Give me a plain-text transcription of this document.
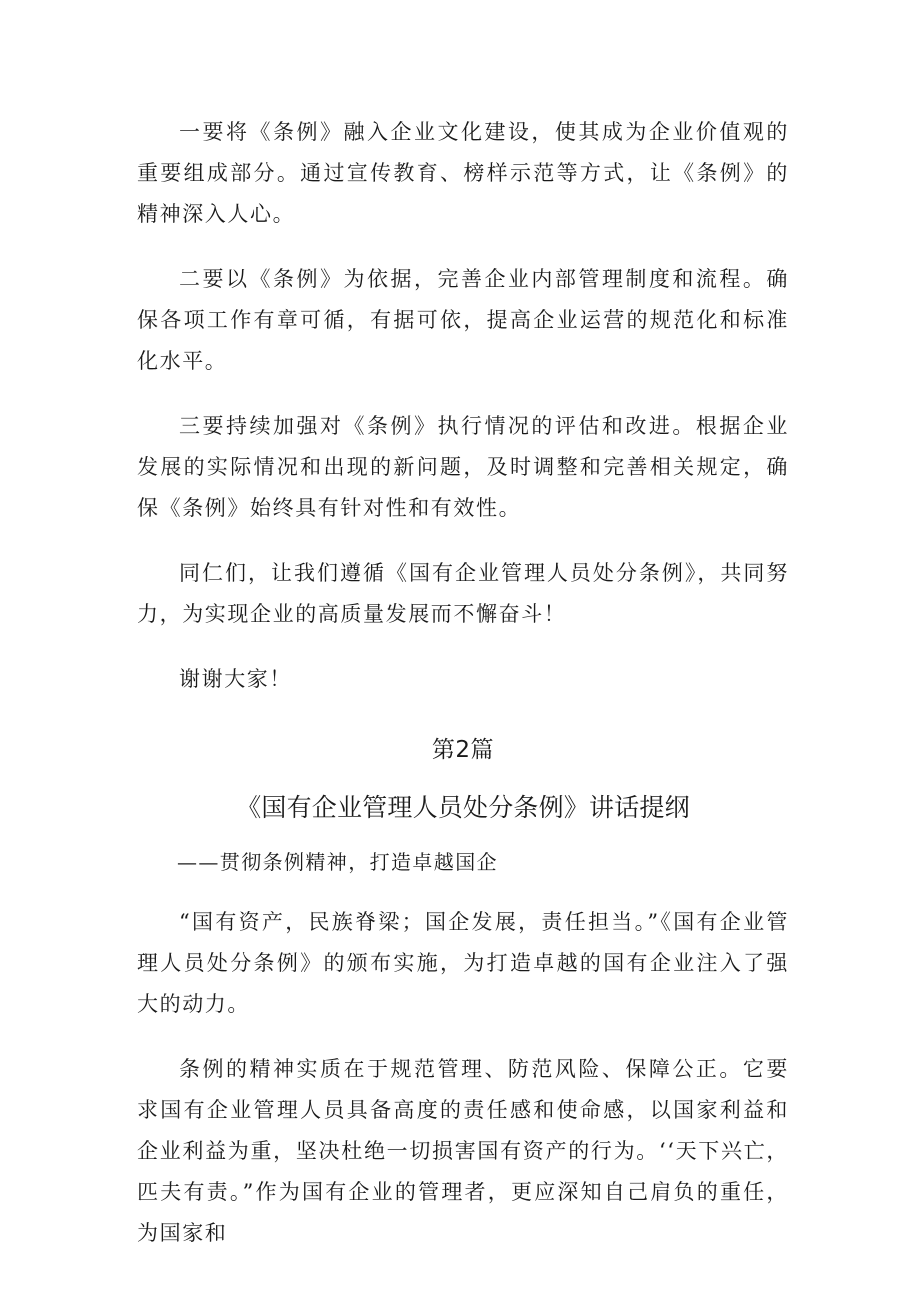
一要将《条例》融入企业文化建设，使其成为企业价值观的重要组成部分。通过宣传教育、榜样示范等方式，让《条例》的精神深入人心。

二要以《条例》为依据，完善企业内部管理制度和流程。确保各项工作有章可循，有据可依，提高企业运营的规范化和标准化水平。

三要持续加强对《条例》执行情况的评估和改进。根据企业发展的实际情况和出现的新问题，及时调整和完善相关规定，确保《条例》始终具有针对性和有效性。

同仁们，让我们遵循《国有企业管理人员处分条例》，共同努力，为实现企业的高质量发展而不懈奋斗！

谢谢大家！

第2篇
《国有企业管理人员处分条例》讲话提纲
——贯彻条例精神，打造卓越国企

“国有资产，民族脊梁；国企发展，责任担当。”《国有企业管理人员处分条例》的颁布实施，为打造卓越的国有企业注入了强大的动力。

条例的精神实质在于规范管理、防范风险、保障公正。它要求国有企业管理人员具备高度的责任感和使命感，以国家利益和企业利益为重，坚决杜绝一切损害国有资产的行为。‘‘天下兴亡，匹夫有责。”作为国有企业的管理者，更应深知自己肩负的重任，为国家和
